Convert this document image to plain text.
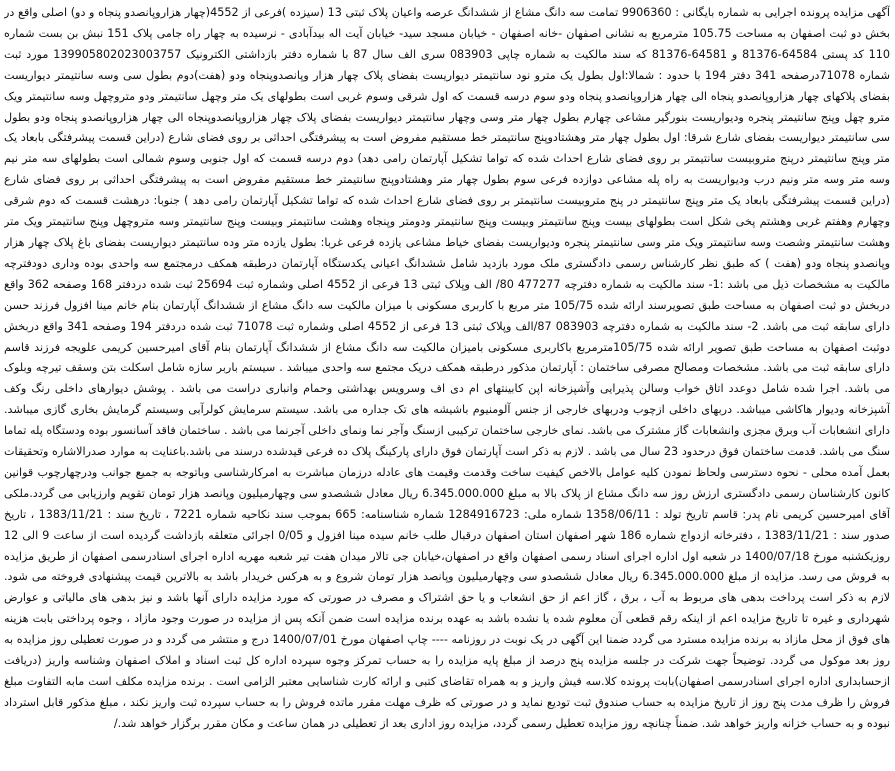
آگهی مزایده پرونده اجرایی به شماره بایگانی : 9906360 تمامت سه دانگ مشاع از ششدانگ عرصه واعیان پلاک ثبتی 13 (سیزده )فرعی از 4552(چهار هزاروپانصدو پنجاه و دو) اصلی واقع در بخش دو ثبت اصفهان به مساحت 105.75 مترمربع به نشانی اصفهان -خانه اصفهان - خیابان مسجد سید- خیابان آیت اله بیدآبادی - نرسیده به چهار راه جامی پلاک 151 نبش بن بست شماره 110 کد پستی 64584-81376 و 64581-81376 که سند مالکیت به شماره چاپی 083903 سری الف سال 87 با شماره دفتر بازداشتی الکترونیک 139905802023003757 مورد ثبت شماره 71078درصفحه 341 دفتر 194 با حدود : شمالا:اول بطول یک مترو نود سانتیمتر دیواریست بفضای پلاک چهار هزار وپانصدوپنجاه ودو (هفت)دوم بطول سی وسه سانتیمتر دیواریست بفضای پلاکهای چهار هزاروپانصدو پنجاه الی چهار هزاروپانصدو پنجاه ودو سوم درسه قسمت که اول شرقی وسوم غربی است بطولهای یک متر وچهل سانتیمتر ودو متروچهل وسه سانتیمتر ویک مترو چهل وپنج سانتیمتر پنجره ودیواریست بنورگیر مشاعی چهارم بطول چهار متر وسی وچهار سانتیمتر دیواریست بفضای پلاک چهار هزاروپانصدوپنجاه الی چهار هزاروپانصدو پنجاه ودو بطول سی سانتیمتر دیواریست بفضای شارع شرقا: اول بطول چهار متر وهشتادوپنج سانتیمتر خط مستقیم مفروض است به پیشرفتگی احداثی بر روی فضای شارع (دراین قسمت پیشرفتگی بابعاد یک متر وپنج سانتیمتر درپنج متروبیست سانتیمتر بر روی فضای شارع احداث شده که تواما تشکیل آپارتمان رامی دهد) دوم درسه قسمت که اول جنوبی وسوم شمالی است بطولهای سه متر نیم وسه متر وسه متر ونیم درب ودیواریست به راه پله مشاعی دوازده فرعی سوم بطول چهار متر وهشتادوپنج سانتیمتر خط مستقیم مفروض است به پیشرفتگی احداثی بر روی فضای شارع (دراین قسمت پیشرفتگی بابعاد یک متر وپنج سانتیمتر در پنج متروبیست سانتیمتر بر روی فضای شارع احداث شده که تواما تشکیل آپارتمان رامی دهد ) جنوبا: درهشت قسمت که دوم شرقی وچهارم وهفتم غربی وهشتم پخی شکل است بطولهای بیست وپنج سانتیمتر وبیست وپنج سانتیمتر ودومتر وپنجاه وهشت سانتیمتر وبیست وپنج سانتیمتر وسه متروچهل وپنج سانتیمتر ویک متر وهشت سانتیمتر وشصت وسه سانتیمتر ویک متر وسی سانتیمتر پنجره ودیواریست بفضای خیاط مشاعی یازده فرعی غربا: بطول یازده متر وده سانتیمتر دیواریست بفضای باغ پلاک چهار هزار وپانصدو پنجاه ودو (هفت ) که طبق نظر کارشناس رسمی دادگستری ملک مورد بازدید شامل ششدانگ اعیانی یکدستگاه آپارتمان درطبقه همکف درمجتمع سه واحدی بوده وداری دودفترچه مالکیت به مشخصات ذیل می باشد :1- سند مالکیت به شماره دفترچه 477277 80/ الف وپلاک ثبتی 13 فرعی از 4552 اصلی وشماره ثبت 25694 ثبت شده دردفتر 168 وصفحه 362 واقع دربخش دو ثبت اصفهان به مساحت طبق تصویرسند ارائه شده 105/75 متر مربع با کاربری مسکونی با میزان مالکیت سه دانگ مشاع از ششدانگ آپارتمان بنام خانم مینا افزول فرزند حسن دارای سابقه ثبت می باشد. 2- سند مالکیت به شماره دفترچه 083903 87/الف وپلاک ثبتی 13 فرعی از 4552 اصلی وشماره ثبت 71078 ثبت شده دردفتر 194 وصفحه 341 واقع دربخش دوثبت اصفهان به مساحت طبق تصویر ارائه شده 105/75مترمربع باکاربری مسکونی بامیزان مالکیت سه دانگ مشاع از ششدانگ آپارتمان بنام آقای امیرحسین کریمی علویجه فرزند قاسم دارای سابقه ثبت می باشد. مشخصات ومصالح مصرفی ساختمان : آپارتمان مذکور درطبقه همکف دریک مجتمع سه واحدی میباشد . سیستم باربر سازه شامل اسکلت بتن وسقف تیرچه وبلوک می باشد. اجرا شده شامل دوعدد اتاق خواب وسالن پذیرایی وآشپزخانه اپن کابینتهای ام دی اف وسرویس بهداشتی وحمام وانباری دراست می باشد . پوشش دیوارهای داخلی رنگ وکف آشپزخانه ودیوار هاکاشی میباشد. دربهای داخلی ازچوب ودربهای خارجی از جنس آلومنیوم باشیشه های تک جداره می باشد. سیستم سرمایش کولرآبی وسیستم گرمایش بخاری گازی میباشد. دارای انشعابات آب وبرق مجزی وانشعابات گاز مشترک می باشد. نمای خارجی ساختمان ترکیبی ازسنگ وآجر نما ونمای داخلی آجرنما می باشد . ساختمان فاقد آسانسور بوده ودستگاه پله تماما سنگ می باشد. قدمت ساختمان فوق درحدود 23 سال می باشد . لازم به ذکر است آپارتمان فوق دارای پارکینگ پلاک ده فرعی قیدشده درسند می باشد.باعنایت به موارد صدرالاشاره وتحقیقات بعمل آمده محلی - نحوه دسترسی ولحاظ نمودن کلیه عوامل بالاخص کیفیت ساخت وقدمت وقیمت های عادله درزمان مباشرت به امرکارشناسی وباتوجه به جمیع جوانب ودرچهارچوب قوانین کانون کارشناسان رسمی دادگستری ارزش روز سه دانگ مشاع از پلاک بالا به مبلغ 6.345.000.000 ریال معادل ششصدو سی وچهارمیلیون وپانصد هزار تومان تقویم وارزیابی می گردد.ملکی آقای امیرحسین کریمی نام پدر: قاسم تاریخ تولد : 1358/06/11 شماره ملی: 1284916723 شماره شناسنامه: 665 بموجب سند نکاحیه شماره 7221 ، تاریخ سند : 1383/11/21 ، تاریخ صدور سند : 1383/11/21 ، دفترخانه ازدواج شماره 186 شهر اصفهان استان اصفهان درقبال طلب خانم سیده مینا افزول و 0/05 اجرائی متعلقه بازداشت گردیده است از ساعت 9 الی 12 روزیکشنبه مورخ 1400/07/18 در شعبه اول اداره اجرای اسناد رسمی اصفهان واقع در اصفهان،خیابان جی تالار میدان هفت تیر شعبه مهریه اداره اجرای اسنادرسمی اصفهان از طریق مزایده به فروش می رسد. مزایده از مبلغ 6.345.000.000 ریال معادل ششصدو سی وچهارمیلیون وپانصد هزار تومان شروع و به هرکس خریدار باشد به بالاترین قیمت پیشنهادی فروخته می شود. لازم به ذکر است پرداخت بدهی های مربوط به آب ، برق ، گاز اعم از حق انشعاب و یا حق اشتراک و مصرف در صورتی که مورد مزایده دارای آنها باشد و نیز بدهی های مالیاتی و عوارض شهرداری و غیره تا تاریخ مزایده اعم از اینکه رقم قطعی آن معلوم شده یا نشده باشد به عهده برنده مزایده است ضمن آنکه پس از مزایده در صورت وجود مازاد ، وجوه پرداختی بابت هزینه های فوق از محل مازاد به برنده مزایده مسترد می گردد ضمنا این آگهی در یک نوبت در روزنامه ---- چاپ اصفهان مورخ 1400/07/01 درج و منتشر می گردد و در صورت تعطیلی روز مزایده به روز بعد موکول می گردد. توضیحاً جهت شرکت در جلسه مزایده پنج درصد از مبلغ پایه مزایده را به حساب تمرکز وجوه سپرده اداره کل ثبت اسناد و املاک اصفهان وشناسه واریز (دریافت ازحسابداری اداره اجرای اسنادرسمی اصفهان)بابت پرونده کلا.سه فیش واریز و به همراه تقاضای کتبی و ارائه کارت شناسایی معتبر الزامی است . برنده مزایده مکلف است مابه التفاوت مبلغ فروش را ظرف مدت پنج روز از تاریخ مزایده به حساب صندوق ثبت تودیع نماید و در صورتی که ظرف مهلت مقرر ماتده فروش را به حساب سپرده ثبت واریز نکند ، مبلغ مذکور قابل استرداد نبوده و به حساب خزانه واریز خواهد شد. ضمناً چنانچه روز مزایده تعطیل رسمی گردد، مزایده روز اداری بعد از تعطیلی در همان ساعت و مکان مقرر برگزار خواهد شد./
